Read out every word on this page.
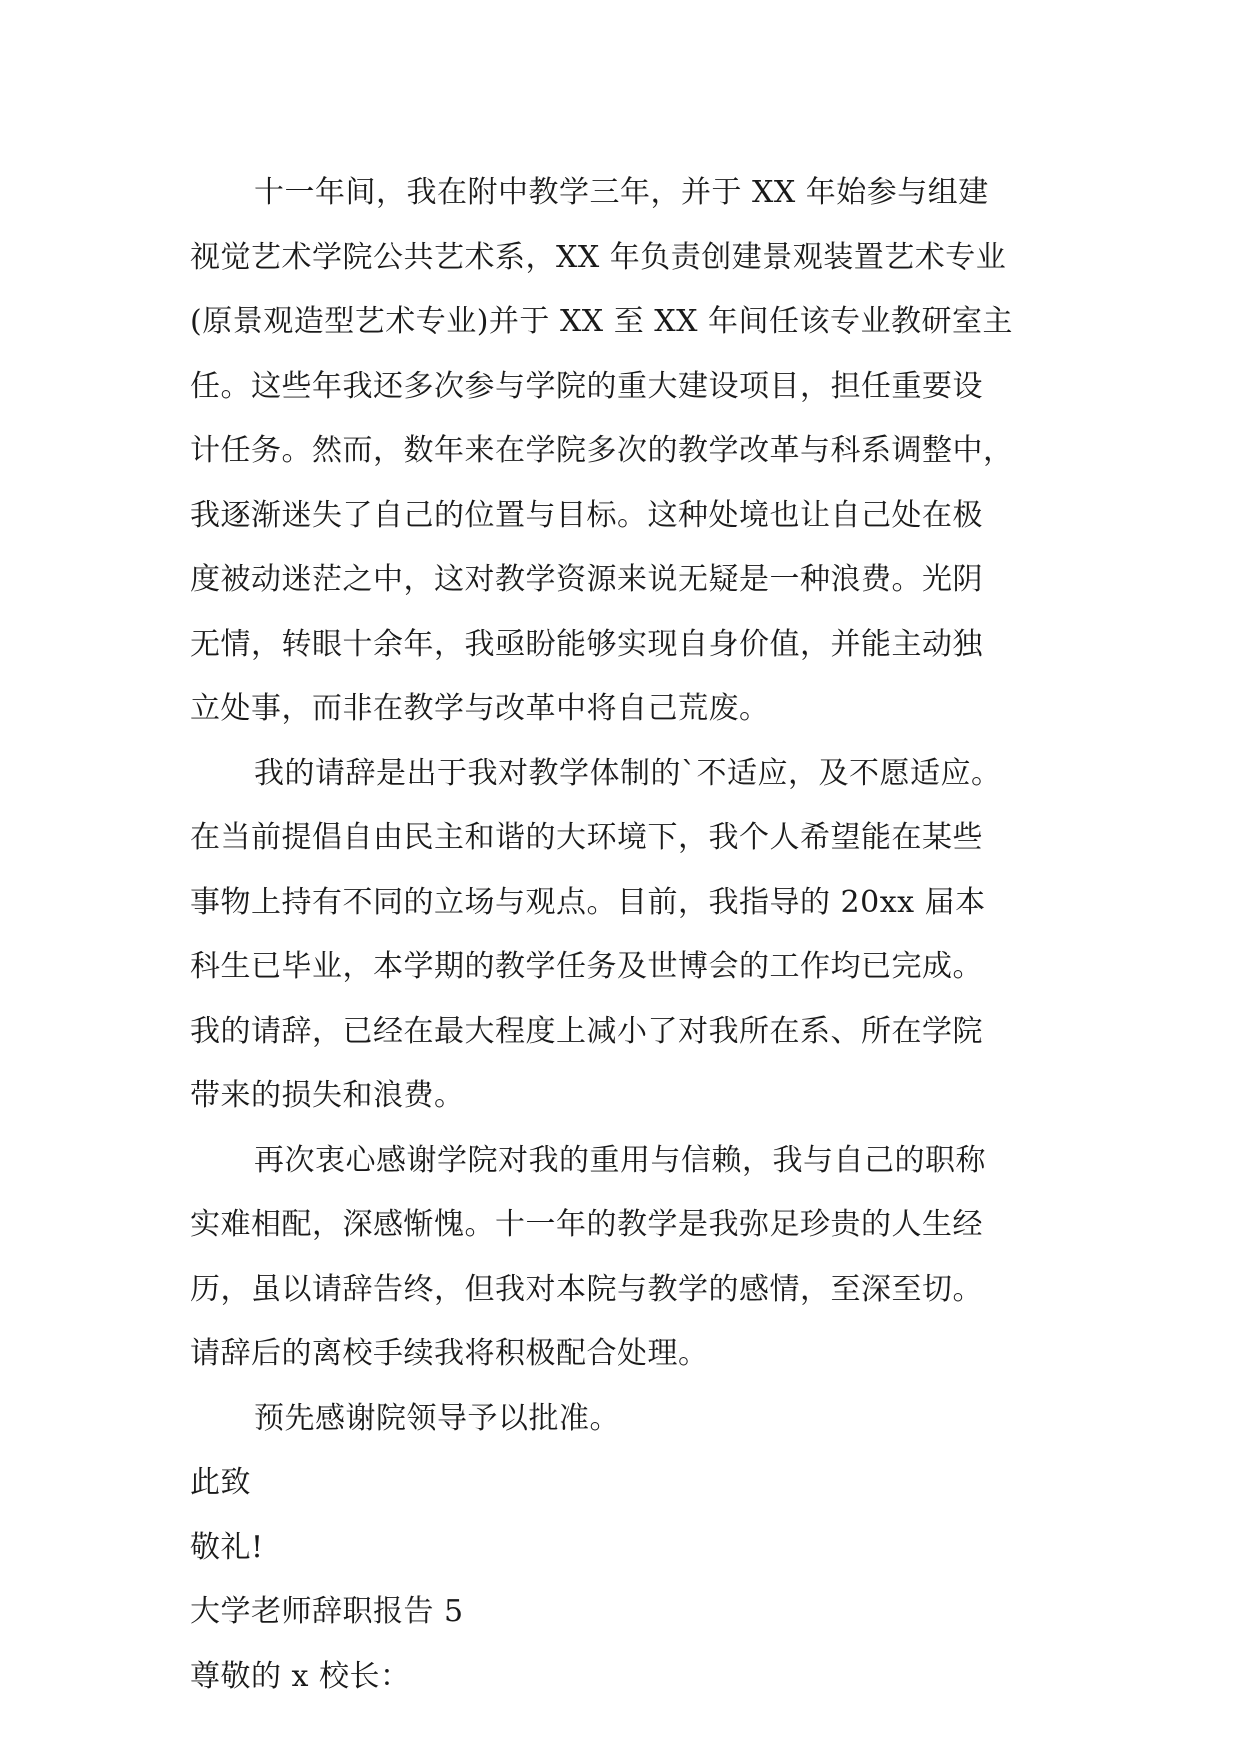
十一年间，我在附中教学三年，并于 XX 年始参与组建
视觉艺术学院公共艺术系，XX 年负责创建景观装置艺术专业
(原景观造型艺术专业)并于 XX 至 XX 年间任该专业教研室主
任。这些年我还多次参与学院的重大建设项目，担任重要设
计任务。然而，数年来在学院多次的教学改革与科系调整中，
我逐渐迷失了自己的位置与目标。这种处境也让自己处在极
度被动迷茫之中，这对教学资源来说无疑是一种浪费。光阴
无情，转眼十余年，我亟盼能够实现自身价值，并能主动独
立处事，而非在教学与改革中将自己荒废。
我的请辞是出于我对教学体制的`不适应，及不愿适应。
在当前提倡自由民主和谐的大环境下，我个人希望能在某些
事物上持有不同的立场与观点。目前，我指导的 20xx 届本
科生已毕业，本学期的教学任务及世博会的工作均已完成。
我的请辞，已经在最大程度上减小了对我所在系、所在学院
带来的损失和浪费。
再次衷心感谢学院对我的重用与信赖，我与自己的职称
实难相配，深感惭愧。十一年的教学是我弥足珍贵的人生经
历，虽以请辞告终，但我对本院与教学的感情，至深至切。
请辞后的离校手续我将积极配合处理。
预先感谢院领导予以批准。
此致
敬礼!
大学老师辞职报告 5
尊敬的 x 校长：
